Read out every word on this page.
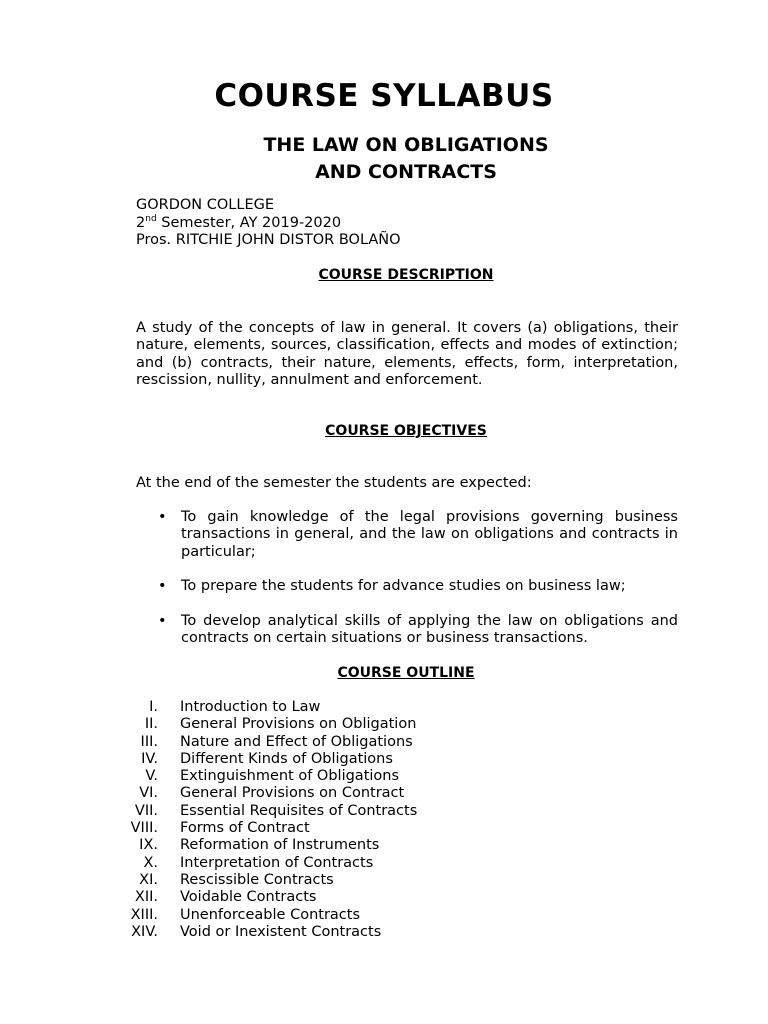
COURSE SYLLABUS
THE LAW ON OBLIGATIONS
AND CONTRACTS
GORDON COLLEGE
2nd Semester, AY 2019-2020
Pros. RITCHIE JOHN DISTOR BOLAÑO
COURSE DESCRIPTION

A study of the concepts of law in general. It covers (a) obligations, their nature, elements, sources, classification, effects and modes of extinction; and (b) contracts, their nature, elements, effects, form, interpretation, rescission, nullity, annulment and enforcement.

COURSE OBJECTIVES

At the end of the semester the students are expected:

• To gain knowledge of the legal provisions governing business transactions in general, and the law on obligations and contracts in particular;
• To prepare the students for advance studies on business law;
• To develop analytical skills of applying the law on obligations and contracts on certain situations or business transactions.
COURSE OUTLINE
I. Introduction to Law
II. General Provisions on Obligation
III. Nature and Effect of Obligations
IV. Different Kinds of Obligations
V. Extinguishment of Obligations
VI. General Provisions on Contract
VII. Essential Requisites of Contracts
VIII. Forms of Contract
IX. Reformation of Instruments
X. Interpretation of Contracts
XI. Rescissible Contracts
XII. Voidable Contracts
XIII. Unenforceable Contracts
XIV. Void or Inexistent Contracts
